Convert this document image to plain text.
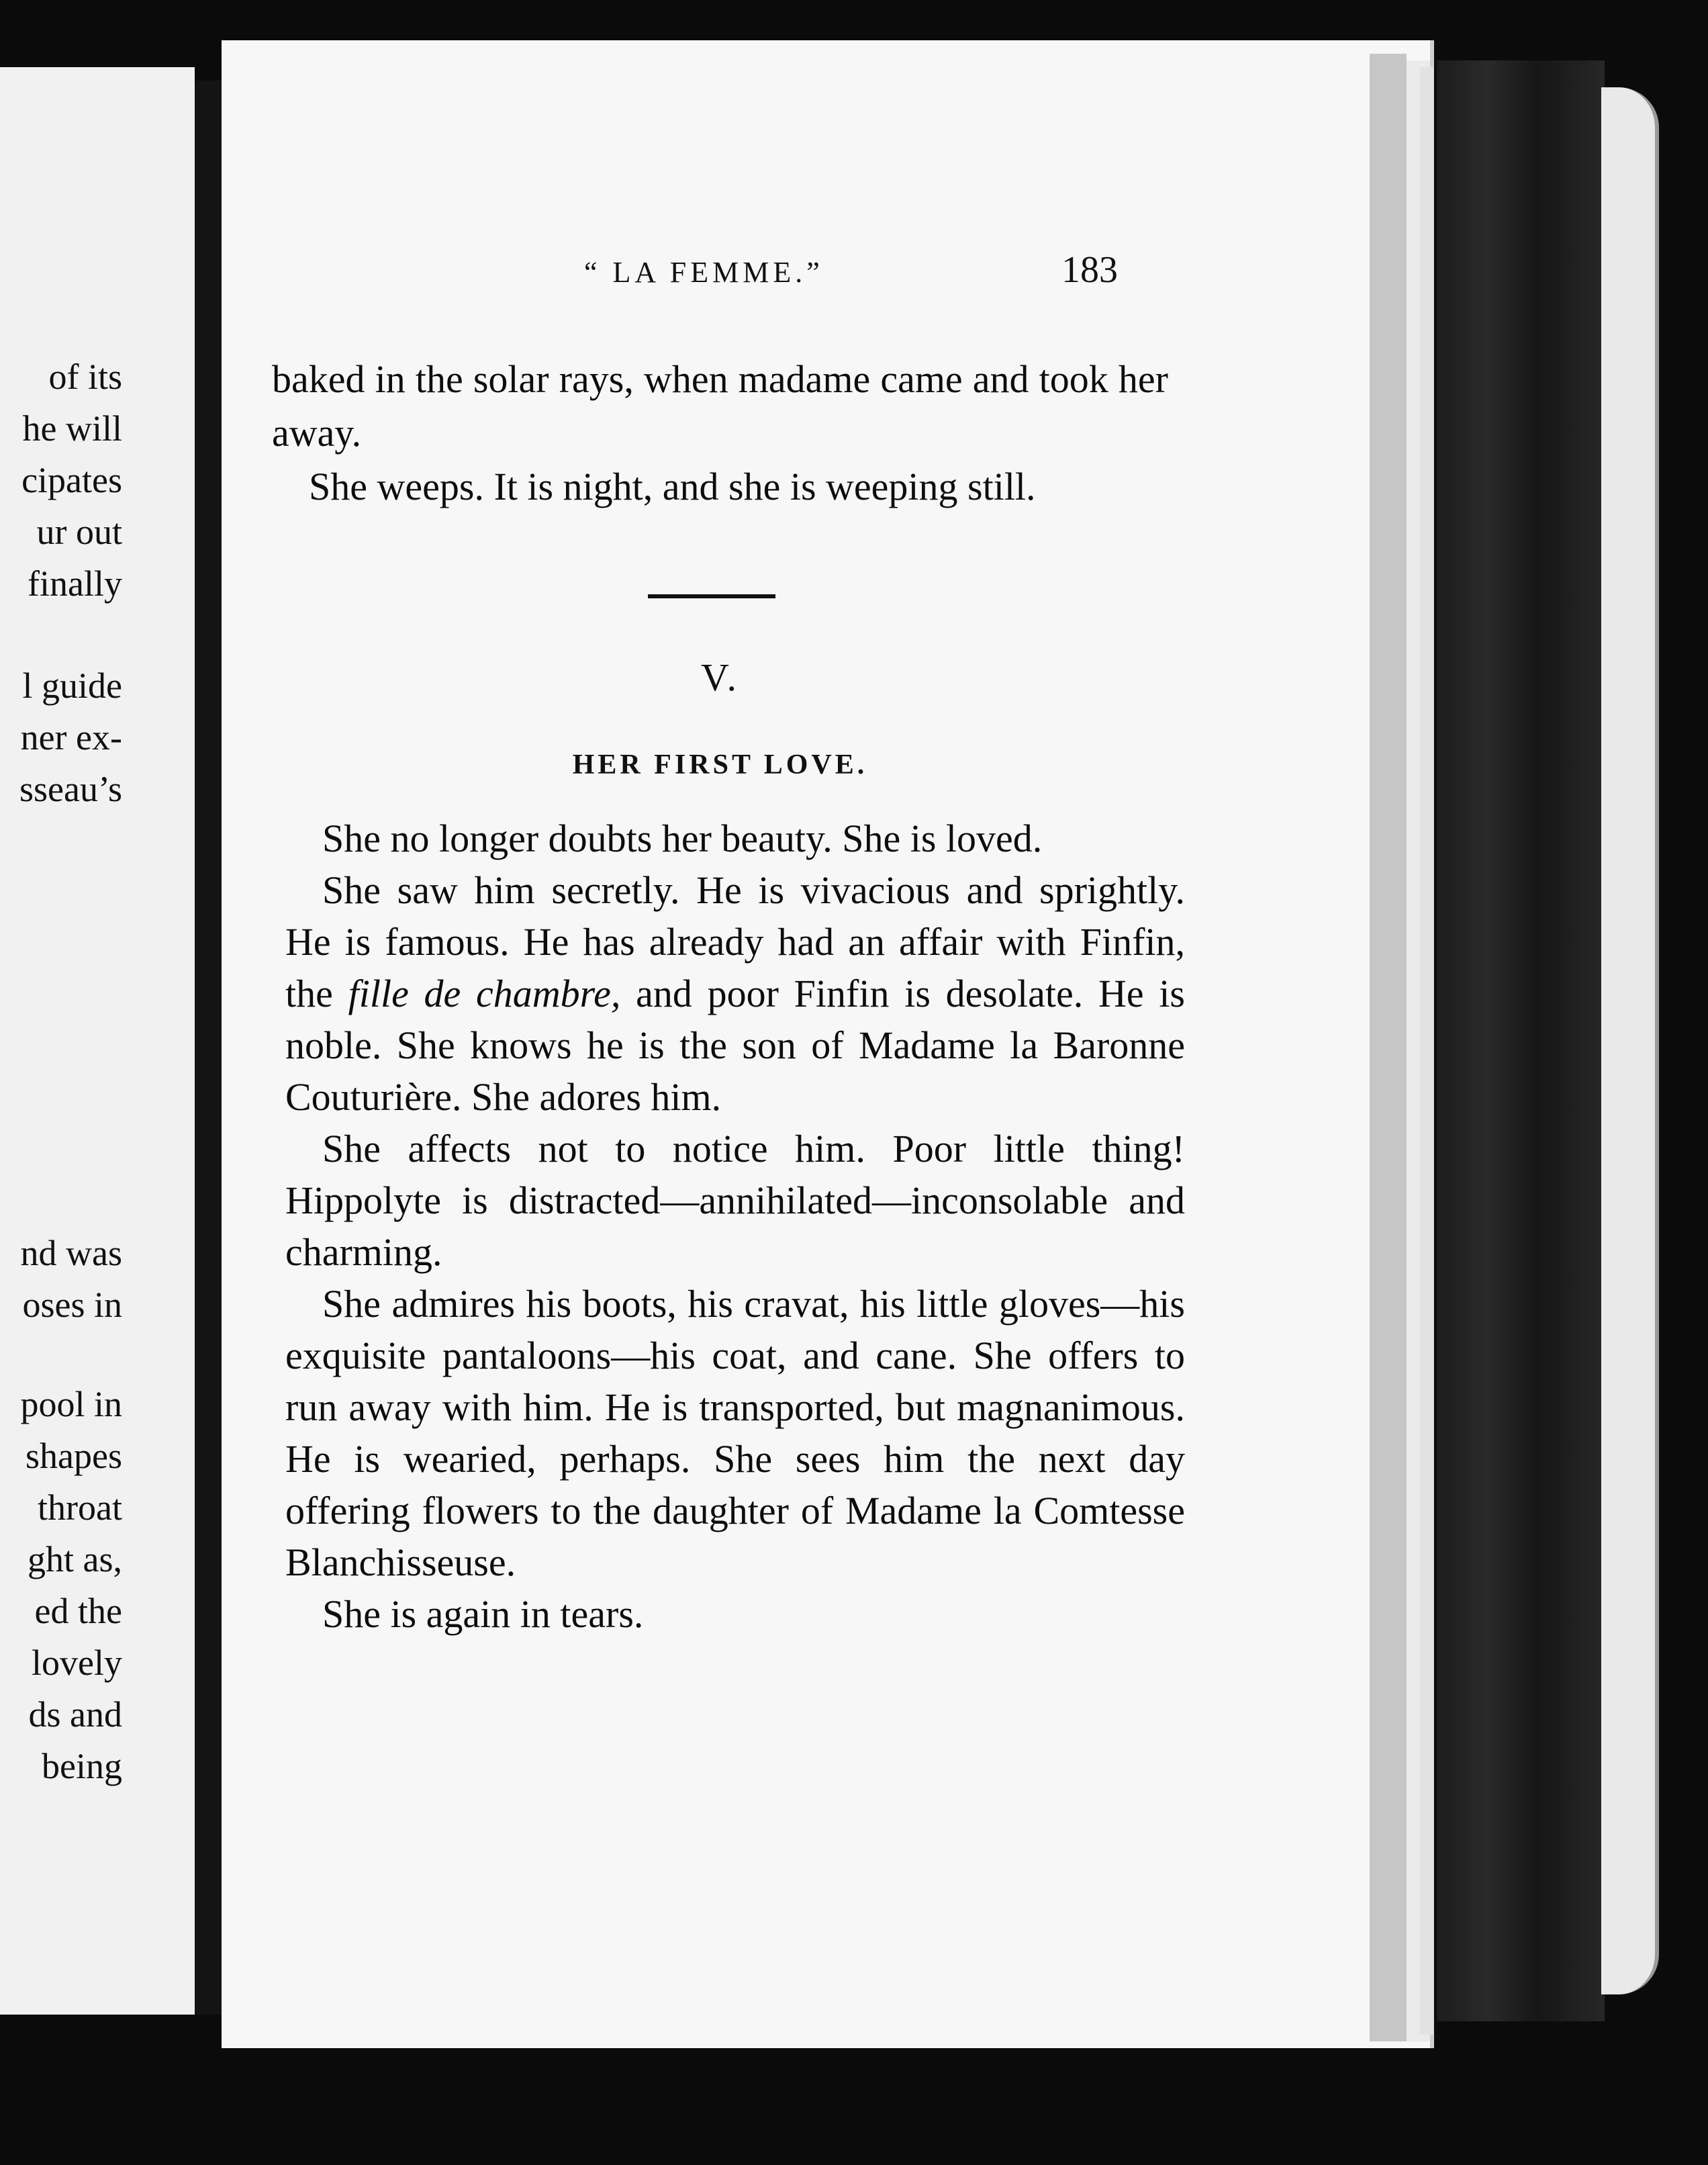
of its
he will
cipates
ur out
finally
l guide
ner ex-
sseau’s
nd was
oses in
pool in
shapes
throat
ght as,
ed the
lovely
ds and
being
“ LA FEMME.”	183

baked in the solar rays, when madame came and took her away.

She weeps. It is night, and she is weeping still.

V.
HER FIRST LOVE.

She no longer doubts her beauty. She is loved.

She saw him secretly. He is vivacious and sprightly. He is famous. He has already had an affair with Finfin, the fille de chambre, and poor Finfin is desolate. He is noble. She knows he is the son of Madame la Baronne Couturière. She adores him.

She affects not to notice him. Poor little thing! Hippolyte is distracted—annihilated—inconsolable and charming.

She admires his boots, his cravat, his little gloves—his exquisite pantaloons—his coat, and cane. She offers to run away with him. He is transported, but magnanimous. He is wearied, perhaps. She sees him the next day offering flowers to the daughter of Madame la Comtesse Blanchisseuse.

She is again in tears.
